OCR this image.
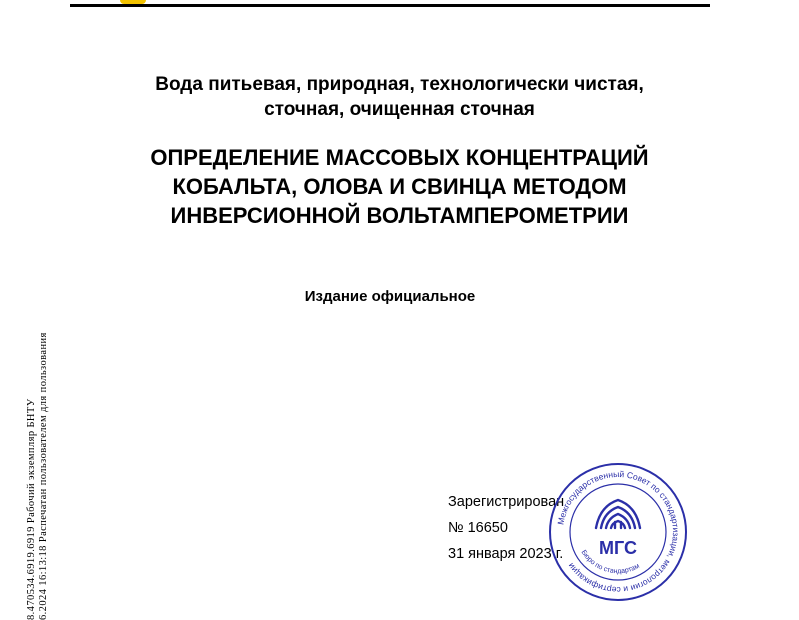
Вода питьевая, природная, технологически чистая,
сточная, очищенная сточная
ОПРЕДЕЛЕНИЕ МАССОВЫХ КОНЦЕНТРАЦИЙ
КОБАЛЬТА, ОЛОВА И СВИНЦА МЕТОДОМ
ИНВЕРСИОННОЙ ВОЛЬТАМПЕРОМЕТРИИ
Издание официальное
8.470534.6919.6919 Рабочий экземпляр БНТУ 6.2024 16:13:18 Распечатан пользователем для пользования	Зарегистрирован
№ 16650
31 января 2023 г.
Межгосударственный Совет по стандартизации, метрологии и сертификации
Бюро по стандартам
МГС
